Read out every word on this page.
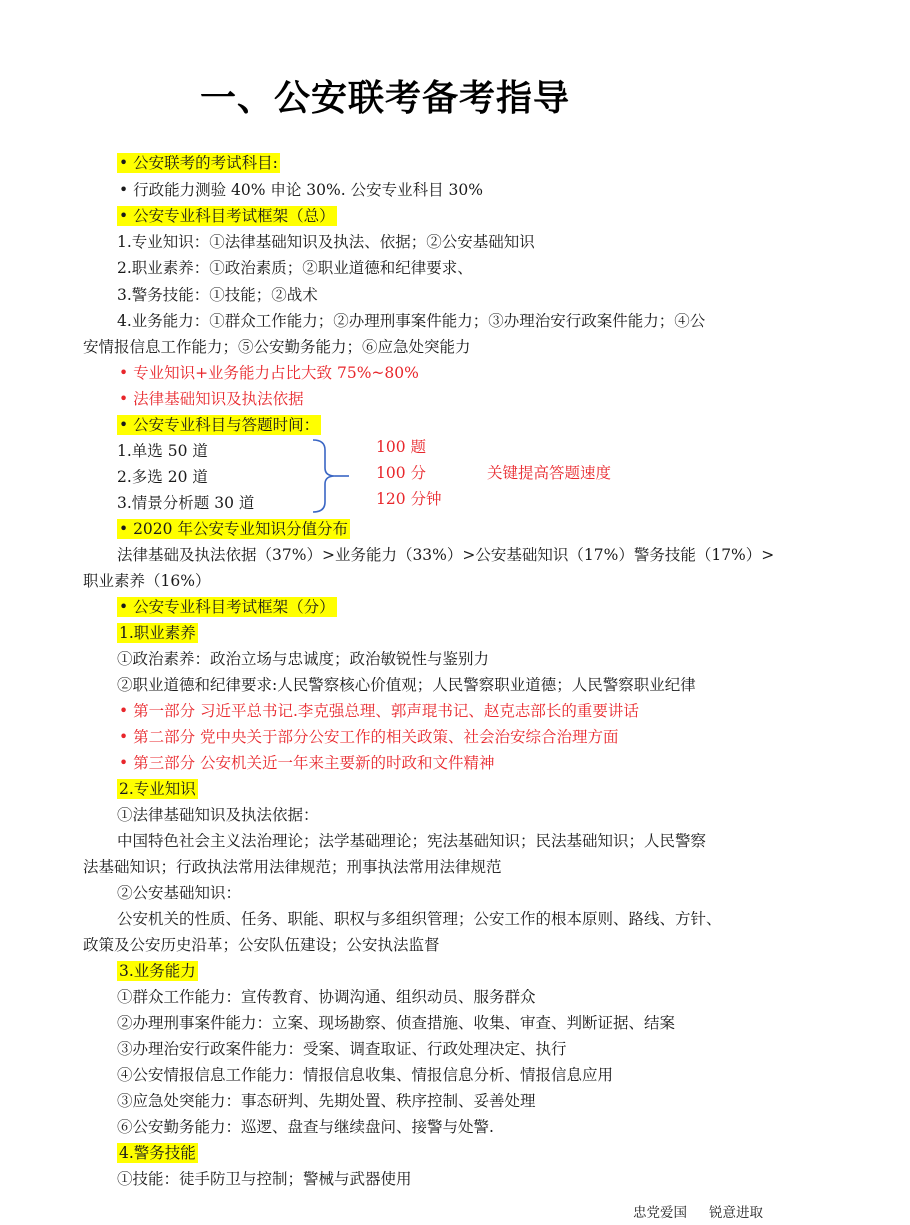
一、公安联考备考指导
• 公安联考的考试科目:
• 行政能力测验 40% 申论 30%. 公安专业科目 30%
• 公安专业科目考试框架（总）
1.专业知识：①法律基础知识及执法、依据；②公安基础知识
2.职业素养：①政治素质；②职业道德和纪律要求、
3.警务技能：①技能；②战术
4.业务能力：①群众工作能力；②办理刑事案件能力；③办理治安行政案件能力；④公
安情报信息工作能力；⑤公安勤务能力；⑥应急处突能力
• 专业知识+业务能力占比大致 75%~80%
• 法律基础知识及执法依据
• 公安专业科目与答题时间：
1.单选 50 道
2.多选 20 道
3.情景分析题 30 道
100 题
100 分
120 分钟
关键提高答题速度
• 2020 年公安专业知识分值分布
法律基础及执法依据（37%）>业务能力（33%）>公安基础知识（17%）警务技能（17%）>
职业素养（16%）
• 公安专业科目考试框架（分）
1.职业素养
①政治素养：政治立场与忠诚度；政治敏锐性与鉴别力
②职业道德和纪律要求:人民警察核心价值观；人民警察职业道德；人民警察职业纪律
• 第一部分 习近平总书记.李克强总理、郭声琨书记、赵克志部长的重要讲话
• 第二部分 党中央关于部分公安工作的相关政策、社会治安综合治理方面
• 第三部分 公安机关近一年来主要新的时政和文件精神
2.专业知识
①法律基础知识及执法依据：
中国特色社会主义法治理论；法学基础理论；宪法基础知识；民法基础知识；人民警察
法基础知识；行政执法常用法律规范；刑事执法常用法律规范
②公安基础知识：
公安机关的性质、任务、职能、职权与多组织管理；公安工作的根本原则、路线、方针、
政策及公安历史沿革；公安队伍建设；公安执法监督
3.业务能力
①群众工作能力：宣传教育、协调沟通、组织动员、服务群众
②办理刑事案件能力：立案、现场勘察、侦查措施、收集、审查、判断证据、结案
③办理治安行政案件能力：受案、调查取证、行政处理决定、执行
④公安情报信息工作能力：情报信息收集、情报信息分析、情报信息应用
③应急处突能力：事态研判、先期处置、秩序控制、妥善处理
⑥公安勤务能力：巡逻、盘查与继续盘问、接警与处警.
4.警务技能
①技能：徒手防卫与控制；警械与武器使用
忠党爱国 锐意进取
